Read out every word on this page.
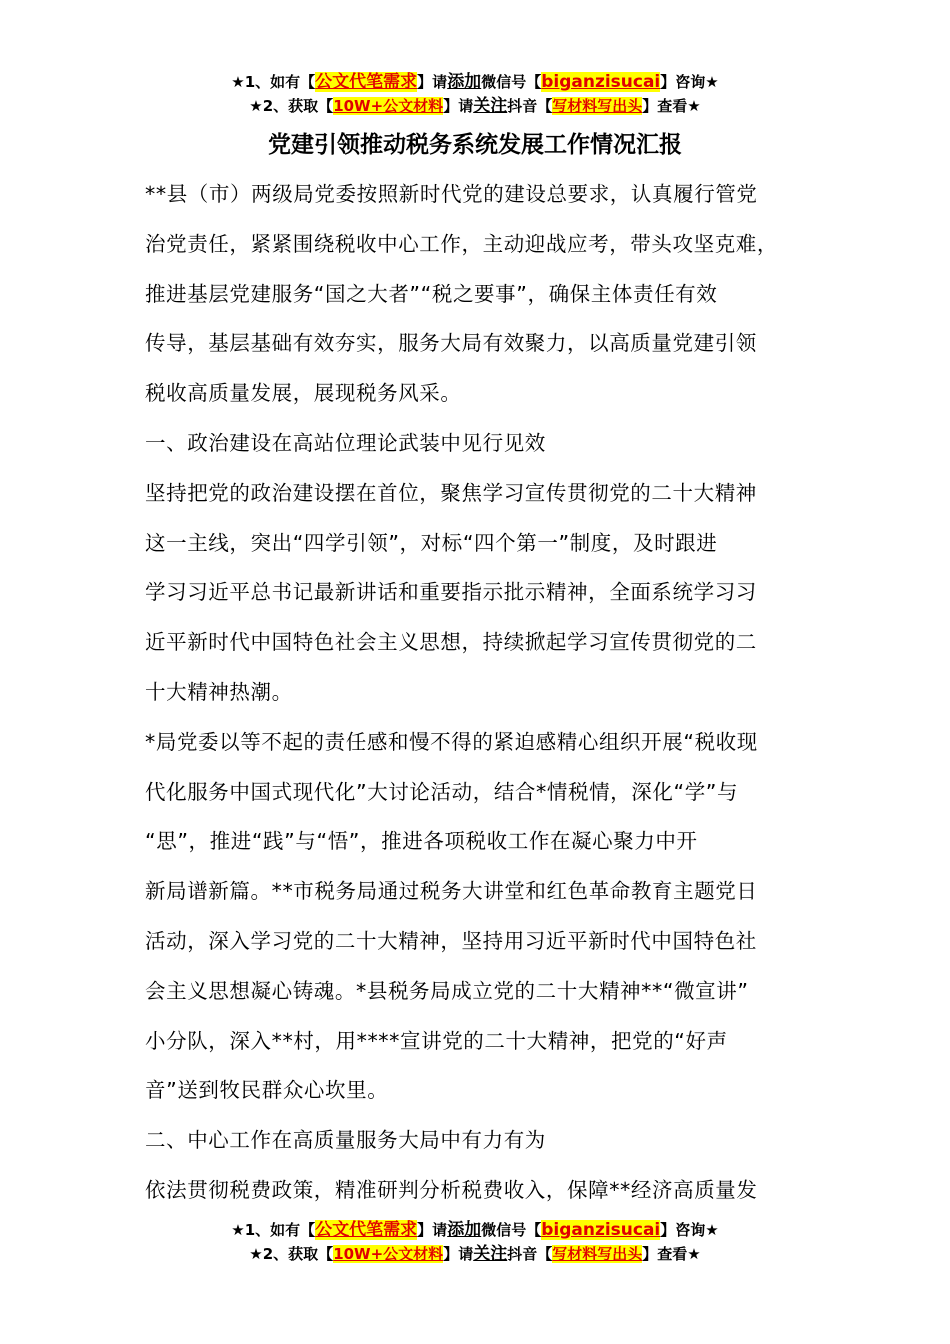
★1、如有【公文代笔需求】请添加微信号【biganzisucai】咨询★
★2、获取【10W+公文材料】请关注抖音【写材料写出头】查看★
党建引领推动税务系统发展工作情况汇报

**县（市）两级局党委按照新时代党的建设总要求，认真履行管党
治党责任，紧紧围绕税收中心工作，主动迎战应考，带头攻坚克难，
推进基层党建服务“国之大者”“税之要事”，确保主体责任有效
传导，基层基础有效夯实，服务大局有效聚力，以高质量党建引领
税收高质量发展，展现税务风采。

一、政治建设在高站位理论武装中见行见效

坚持把党的政治建设摆在首位，聚焦学习宣传贯彻党的二十大精神
这一主线，突出“四学引领”，对标“四个第一”制度，及时跟进
学习习近平总书记最新讲话和重要指示批示精神，全面系统学习习
近平新时代中国特色社会主义思想，持续掀起学习宣传贯彻党的二
十大精神热潮。

*局党委以等不起的责任感和慢不得的紧迫感精心组织开展“税收现
代化服务中国式现代化”大讨论活动，结合*情税情，深化“学”与
“思”，推进“践”与“悟”，推进各项税收工作在凝心聚力中开
新局谱新篇。**市税务局通过税务大讲堂和红色革命教育主题党日
活动，深入学习党的二十大精神，坚持用习近平新时代中国特色社
会主义思想凝心铸魂。*县税务局成立党的二十大精神**“微宣讲”
小分队，深入**村，用****宣讲党的二十大精神，把党的“好声
音”送到牧民群众心坎里。

二、中心工作在高质量服务大局中有力有为

依法贯彻税费政策，精准研判分析税费收入，保障**经济高质量发

★1、如有【公文代笔需求】请添加微信号【biganzisucai】咨询★
★2、获取【10W+公文材料】请关注抖音【写材料写出头】查看★
